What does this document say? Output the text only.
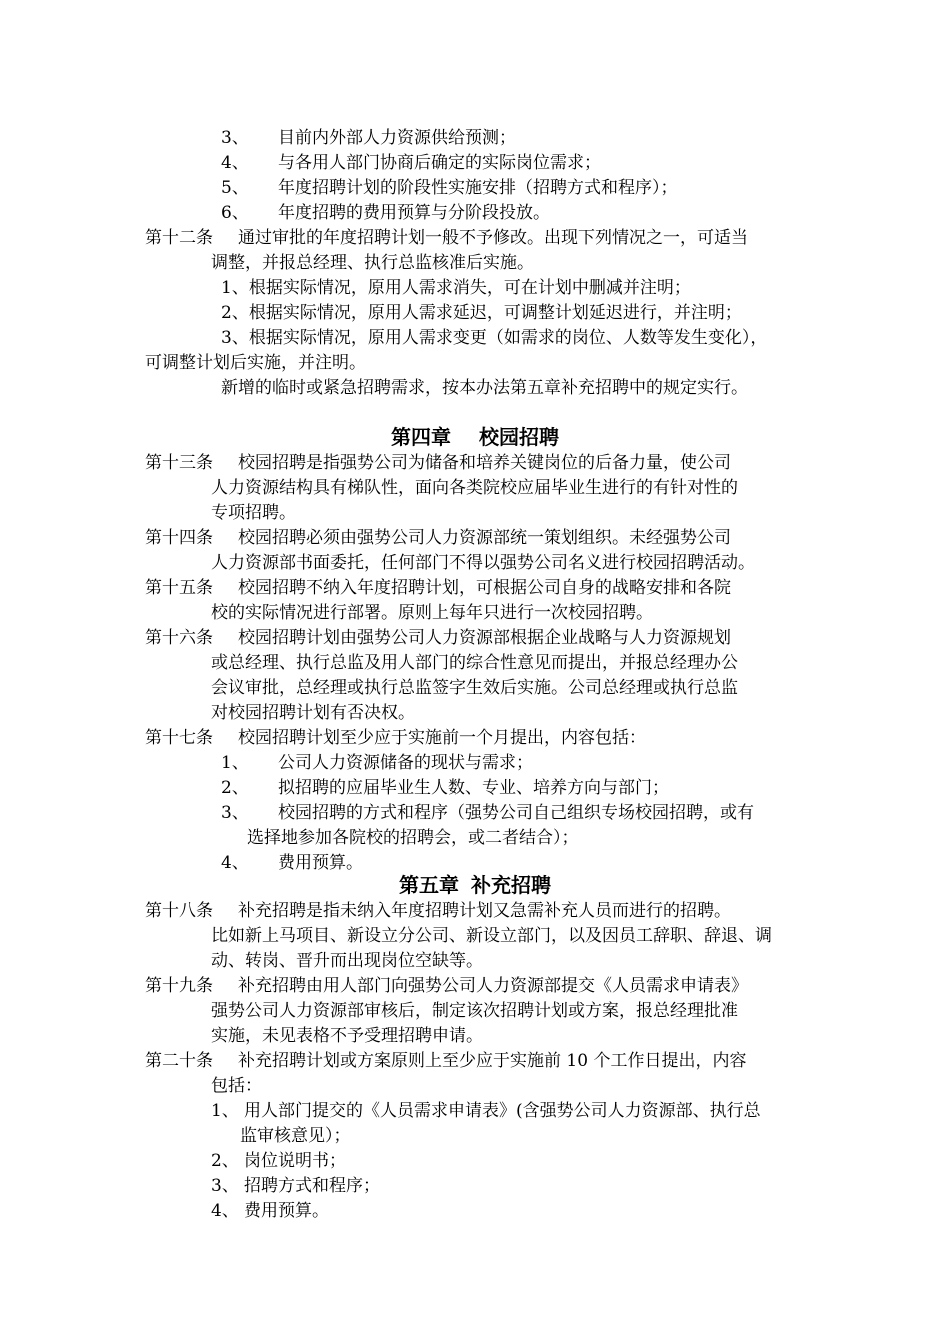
3、 目前内外部人力资源供给预测；
4、 与各用人部门协商后确定的实际岗位需求；
5、 年度招聘计划的阶段性实施安排（招聘方式和程序）；
6、 年度招聘的费用预算与分阶段投放。
第十二条 通过审批的年度招聘计划一般不予修改。出现下列情况之一，可适当
调整，并报总经理、执行总监核准后实施。
1、根据实际情况，原用人需求消失，可在计划中删减并注明；
2、根据实际情况，原用人需求延迟，可调整计划延迟进行，并注明；
3、根据实际情况，原用人需求变更（如需求的岗位、人数等发生变化），
可调整计划后实施，并注明。
新增的临时或紧急招聘需求，按本办法第五章补充招聘中的规定实行。
第四章 校园招聘
第十三条 校园招聘是指强势公司为储备和培养关键岗位的后备力量，使公司
人力资源结构具有梯队性，面向各类院校应届毕业生进行的有针对性的
专项招聘。
第十四条 校园招聘必须由强势公司人力资源部统一策划组织。未经强势公司
人力资源部书面委托，任何部门不得以强势公司名义进行校园招聘活动。
第十五条 校园招聘不纳入年度招聘计划，可根据公司自身的战略安排和各院
校的实际情况进行部署。原则上每年只进行一次校园招聘。
第十六条 校园招聘计划由强势公司人力资源部根据企业战略与人力资源规划
或总经理、执行总监及用人部门的综合性意见而提出，并报总经理办公
会议审批，总经理或执行总监签字生效后实施。公司总经理或执行总监
对校园招聘计划有否决权。
第十七条 校园招聘计划至少应于实施前一个月提出，内容包括：
1、 公司人力资源储备的现状与需求；
2、 拟招聘的应届毕业生人数、专业、培养方向与部门；
3、 校园招聘的方式和程序（强势公司自己组织专场校园招聘，或有
选择地参加各院校的招聘会，或二者结合）；
4、 费用预算。
第五章 补充招聘
第十八条 补充招聘是指未纳入年度招聘计划又急需补充人员而进行的招聘。
比如新上马项目、新设立分公司、新设立部门，以及因员工辞职、辞退、调
动、转岗、晋升而出现岗位空缺等。
第十九条 补充招聘由用人部门向强势公司人力资源部提交《人员需求申请表》
强势公司人力资源部审核后，制定该次招聘计划或方案，报总经理批准
实施，未见表格不予受理招聘申请。
第二十条 补充招聘计划或方案原则上至少应于实施前 10 个工作日提出，内容
包括：
1、 用人部门提交的《人员需求申请表》(含强势公司人力资源部、执行总
监审核意见）；
2、 岗位说明书；
3、 招聘方式和程序；
4、 费用预算。
